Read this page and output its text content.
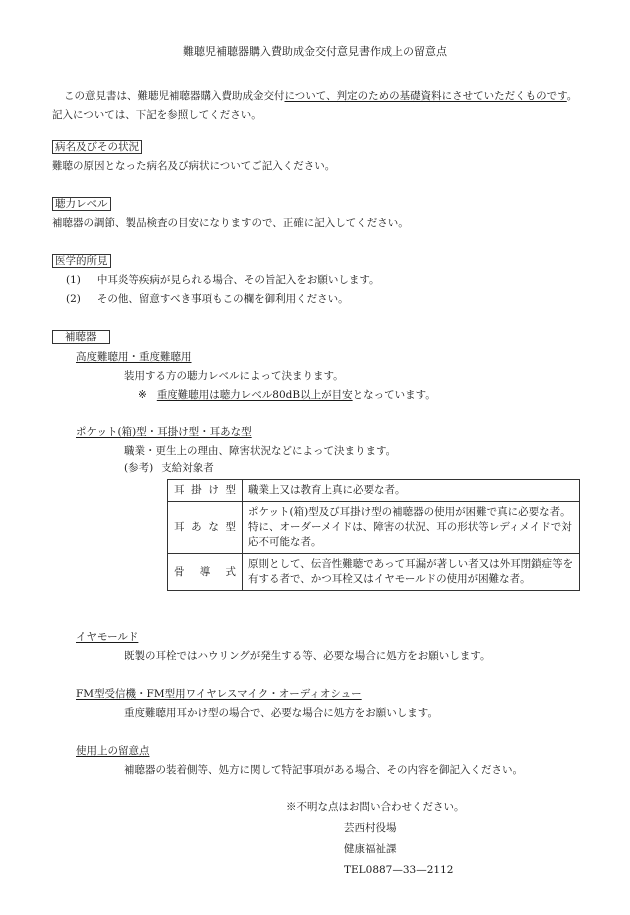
難聴児補聴器購入費助成金交付意見書作成上の留意点
この意見書は、難聴児補聴器購入費助成金交付について、判定のための基礎資料にさせていただくものです。記入については、下記を参照してください。
病名及びその状況
難聴の原因となった病名及び病状についてご記入ください。
聴力レベル
補聴器の調節、製品検査の目安になりますので、正確に記入してください。
医学的所見
(1) 中耳炎等疾病が見られる場合、その旨記入をお願いします。
(2) その他、留意すべき事項もこの欄を御利用ください。
補聴器
高度難聴用・重度難聴用
装用する方の聴力レベルによって決まります。
※ 重度難聴用は聴力レベル80dB以上が目安となっています。
ポケット(箱)型・耳掛け型・耳あな型
職業・更生上の理由、障害状況などによって決まります。
(参考) 支給対象者
耳掛け型	職業上又は教育上真に必要な者。
耳あな型	ポケット(箱)型及び耳掛け型の補聴器の使用が困難で真に必要な者。特に、オーダーメイドは、障害の状況、耳の形状等レディメイドで対応不可能な者。
骨導式	原則として、伝音性難聴であって耳漏が著しい者又は外耳閉鎖症等を有する者で、かつ耳栓又はイヤモールドの使用が困難な者。
イヤモールド
既製の耳栓ではハウリングが発生する等、必要な場合に処方をお願いします。
FM型受信機・FM型用ワイヤレスマイク・オーディオシュー
重度難聴用耳かけ型の場合で、必要な場合に処方をお願いします。
使用上の留意点
補聴器の装着側等、処方に関して特記事項がある場合、その内容を御記入ください。
※不明な点はお問い合わせください。
芸西村役場
健康福祉課
TEL0887—33—2112
